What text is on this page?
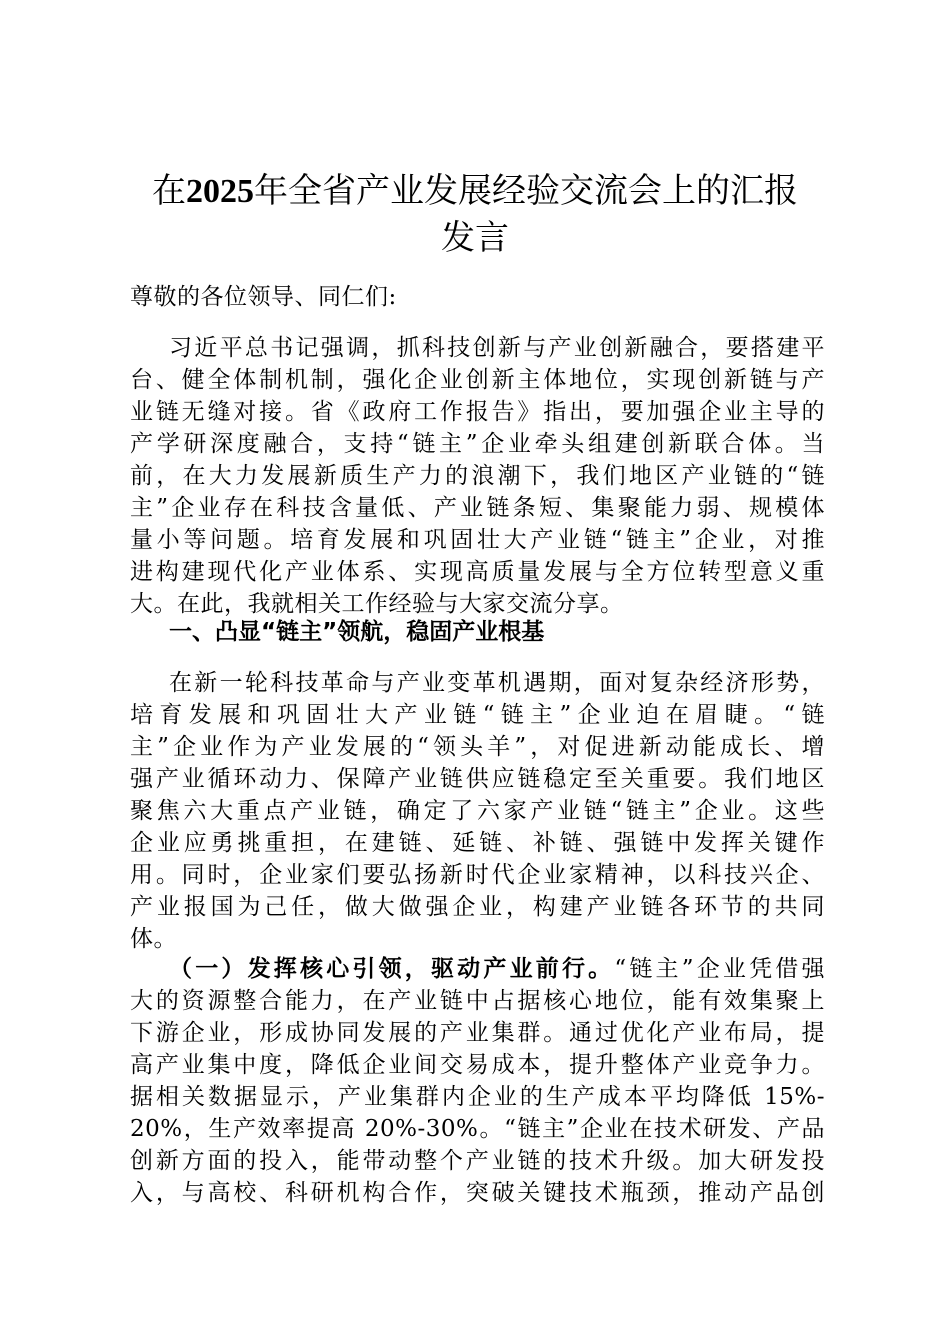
在2025年全省产业发展经验交流会上的汇报
发言
尊敬的各位领导、同仁们:
习近平总书记强调，抓科技创新与产业创新融合，要搭建平
台、健全体制机制，强化企业创新主体地位，实现创新链与产
业链无缝对接。省《政府工作报告》指出，要加强企业主导的
产学研深度融合，支持“链主”企业牵头组建创新联合体。当
前，在大力发展新质生产力的浪潮下，我们地区产业链的“链
主”企业存在科技含量低、产业链条短、集聚能力弱、规模体
量小等问题。培育发展和巩固壮大产业链“链主”企业，对推
进构建现代化产业体系、实现高质量发展与全方位转型意义重
大。在此，我就相关工作经验与大家交流分享。
一、凸显“链主”领航，稳固产业根基
在新一轮科技革命与产业变革机遇期，面对复杂经济形势，
培育发展和巩固壮大产业链“链主”企业迫在眉睫。“链
主”企业作为产业发展的“领头羊”，对促进新动能成长、增
强产业循环动力、保障产业链供应链稳定至关重要。我们地区
聚焦六大重点产业链，确定了六家产业链“链主”企业。这些
企业应勇挑重担，在建链、延链、补链、强链中发挥关键作
用。同时，企业家们要弘扬新时代企业家精神，以科技兴企、
产业报国为己任，做大做强企业，构建产业链各环节的共同
体。
（一）发挥核心引领，驱动产业前行。“链主”企业凭借强
大的资源整合能力，在产业链中占据核心地位，能有效集聚上
下游企业，形成协同发展的产业集群。通过优化产业布局，提
高产业集中度，降低企业间交易成本，提升整体产业竞争力。
据相关数据显示，产业集群内企业的生产成本平均降低 15%-
20%，生产效率提高 20%-30%。“链主”企业在技术研发、产品
创新方面的投入，能带动整个产业链的技术升级。加大研发投
入，与高校、科研机构合作，突破关键技术瓶颈，推动产品创
